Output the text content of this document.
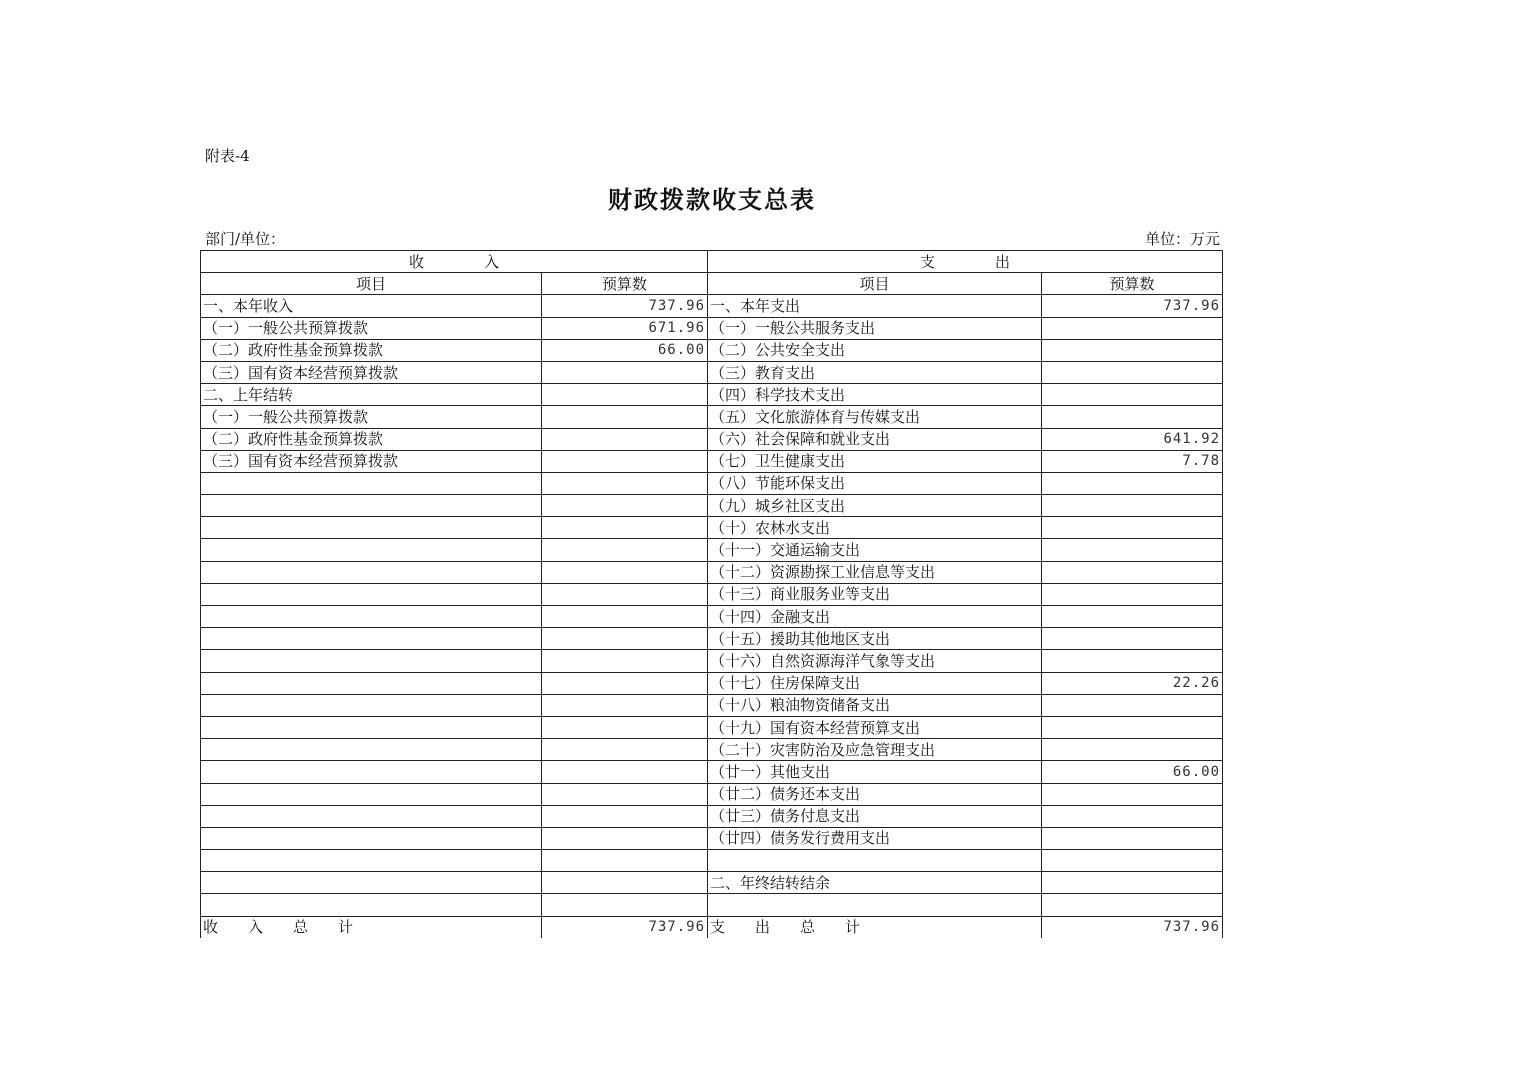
附表-4
财政拨款收支总表
部门/单位：	单位：万元
收　　　　入		支　　　　出	
项目	预算数	项目	预算数
一、本年收入	737.96	一、本年支出	737.96
（一）一般公共预算拨款	671.96	（一）一般公共服务支出	
（二）政府性基金预算拨款	66.00	（二）公共安全支出	
（三）国有资本经营预算拨款		（三）教育支出	
二、上年结转		（四）科学技术支出	
（一）一般公共预算拨款		（五）文化旅游体育与传媒支出	
（二）政府性基金预算拨款		（六）社会保障和就业支出	641.92
（三）国有资本经营预算拨款		（七）卫生健康支出	7.78
		（八）节能环保支出	
		（九）城乡社区支出	
		（十）农林水支出	
		（十一）交通运输支出	
		（十二）资源勘探工业信息等支出	
		（十三）商业服务业等支出	
		（十四）金融支出	
		（十五）援助其他地区支出	
		（十六）自然资源海洋气象等支出	
		（十七）住房保障支出	22.26
		（十八）粮油物资储备支出	
		（十九）国有资本经营预算支出	
		（二十）灾害防治及应急管理支出	
		（廿一）其他支出	66.00
		（廿二）债务还本支出	
		（廿三）债务付息支出	
		（廿四）债务发行费用支出	

		二、年终结转结余	

收　　入　　总　　计	737.96	支　　出　　总　　计	737.96
